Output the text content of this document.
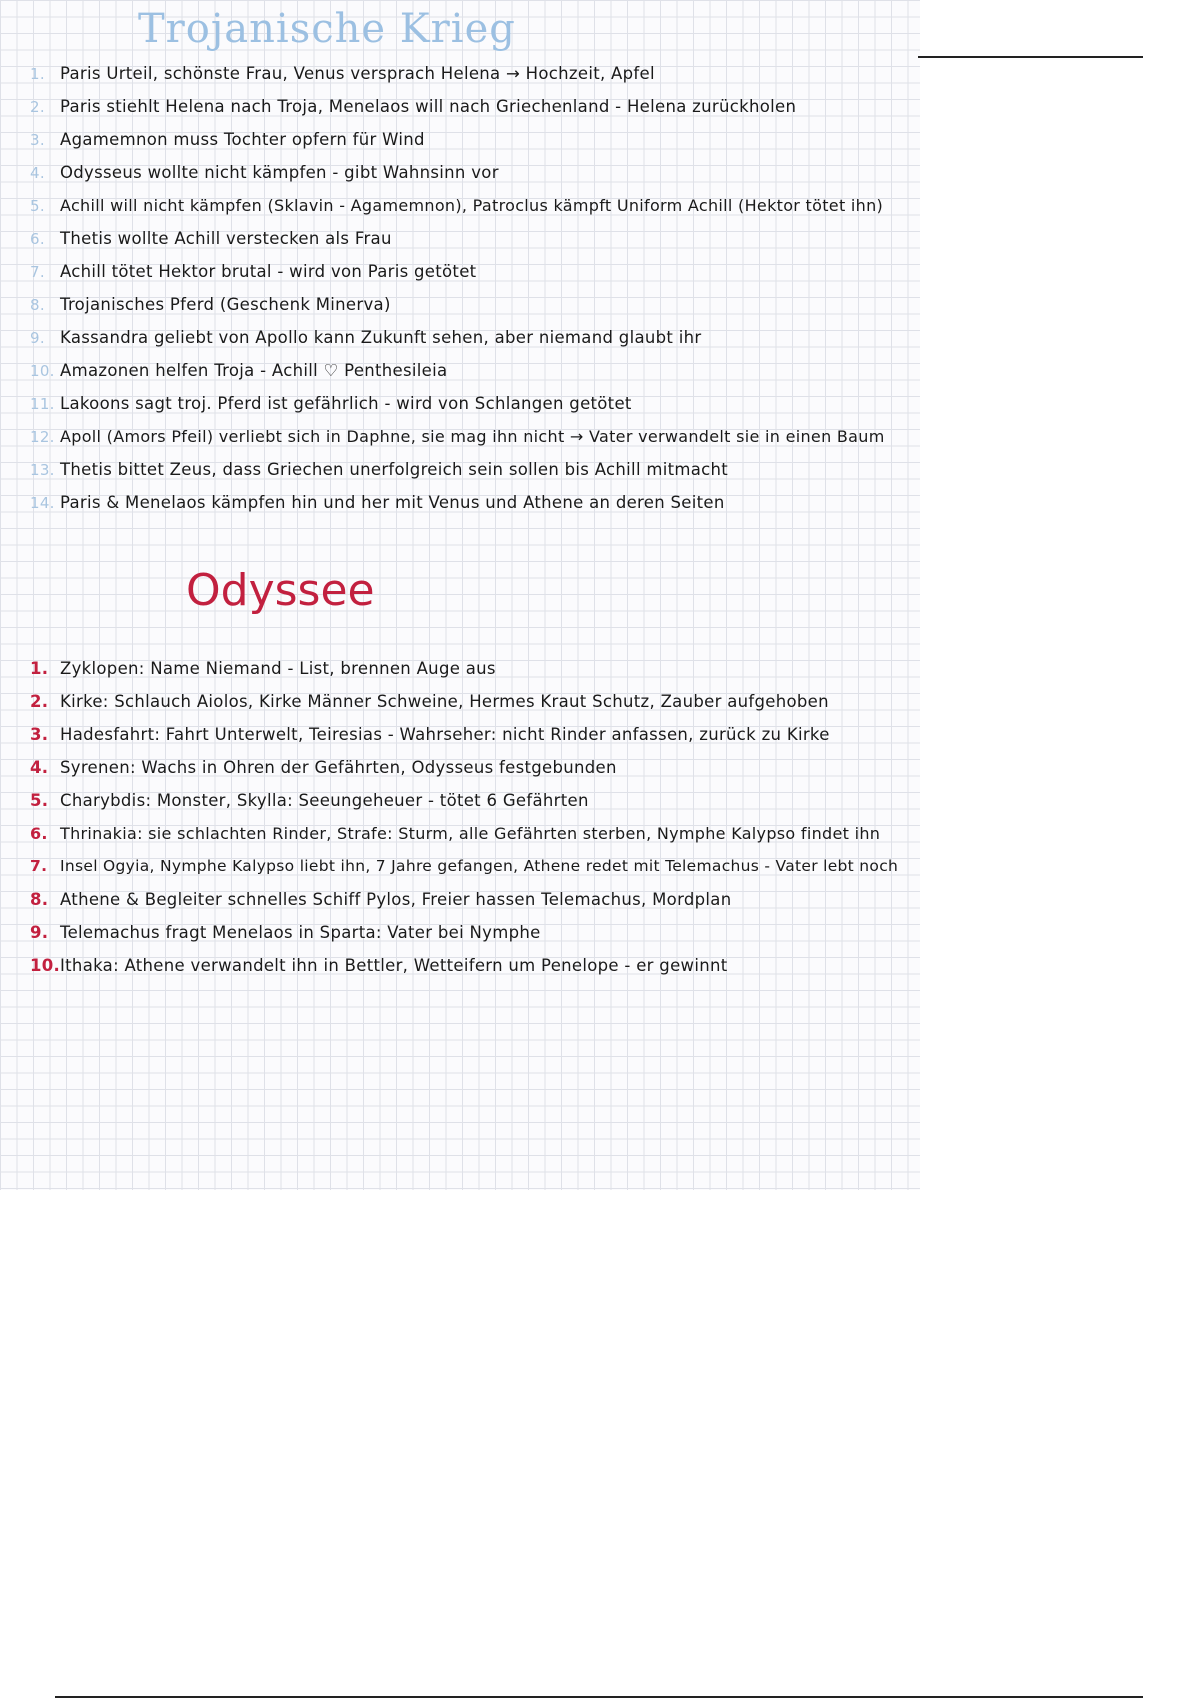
Trojanische Krieg
1. Paris Urteil, schönste Frau, Venus versprach Helena → Hochzeit, Apfel
2. Paris stiehlt Helena nach Troja, Menelaos will nach Griechenland - Helena zurückholen
3. Agamemnon muss Tochter opfern für Wind
4. Odysseus wollte nicht kämpfen - gibt Wahnsinn vor
5. Achill will nicht kämpfen (Sklavin - Agamemnon), Patroclus kämpft Uniform Achill (Hektor tötet ihn)
6. Thetis wollte Achill verstecken als Frau
7. Achill tötet Hektor brutal - wird von Paris getötet
8. Trojanisches Pferd (Geschenk Minerva)
9. Kassandra geliebt von Apollo kann Zukunft sehen, aber niemand glaubt ihr
10. Amazonen helfen Troja - Achill ♡ Penthesileia
11. Lakoons sagt troj. Pferd ist gefährlich - wird von Schlangen getötet
12. Apoll (Amors Pfeil) verliebt sich in Daphne, sie mag ihn nicht → Vater verwandelt sie in einen Baum
13. Thetis bittet Zeus, dass Griechen unerfolgreich sein sollen bis Achill mitmacht
14. Paris & Menelaos kämpfen hin und her mit Venus und Athene an deren Seiten
Odyssee
1. Zyklopen: Name Niemand - List, brennen Auge aus
2. Kirke: Schlauch Aiolos, Kirke Männer Schweine, Hermes Kraut Schutz, Zauber aufgehoben
3. Hadesfahrt: Fahrt Unterwelt, Teiresias - Wahrseher: nicht Rinder anfassen, zurück zu Kirke
4. Syrenen: Wachs in Ohren der Gefährten, Odysseus festgebunden
5. Charybdis: Monster, Skylla: Seeungeheuer - tötet 6 Gefährten
6. Thrinakia: sie schlachten Rinder, Strafe: Sturm, alle Gefährten sterben, Nymphe Kalypso findet ihn
7. Insel Ogyia, Nymphe Kalypso liebt ihn, 7 Jahre gefangen, Athene redet mit Telemachus - Vater lebt noch
8. Athene & Begleiter schnelles Schiff Pylos, Freier hassen Telemachus, Mordplan
9. Telemachus fragt Menelaos in Sparta: Vater bei Nymphe
10.Ithaka: Athene verwandelt ihn in Bettler, Wetteifern um Penelope - er gewinnt
